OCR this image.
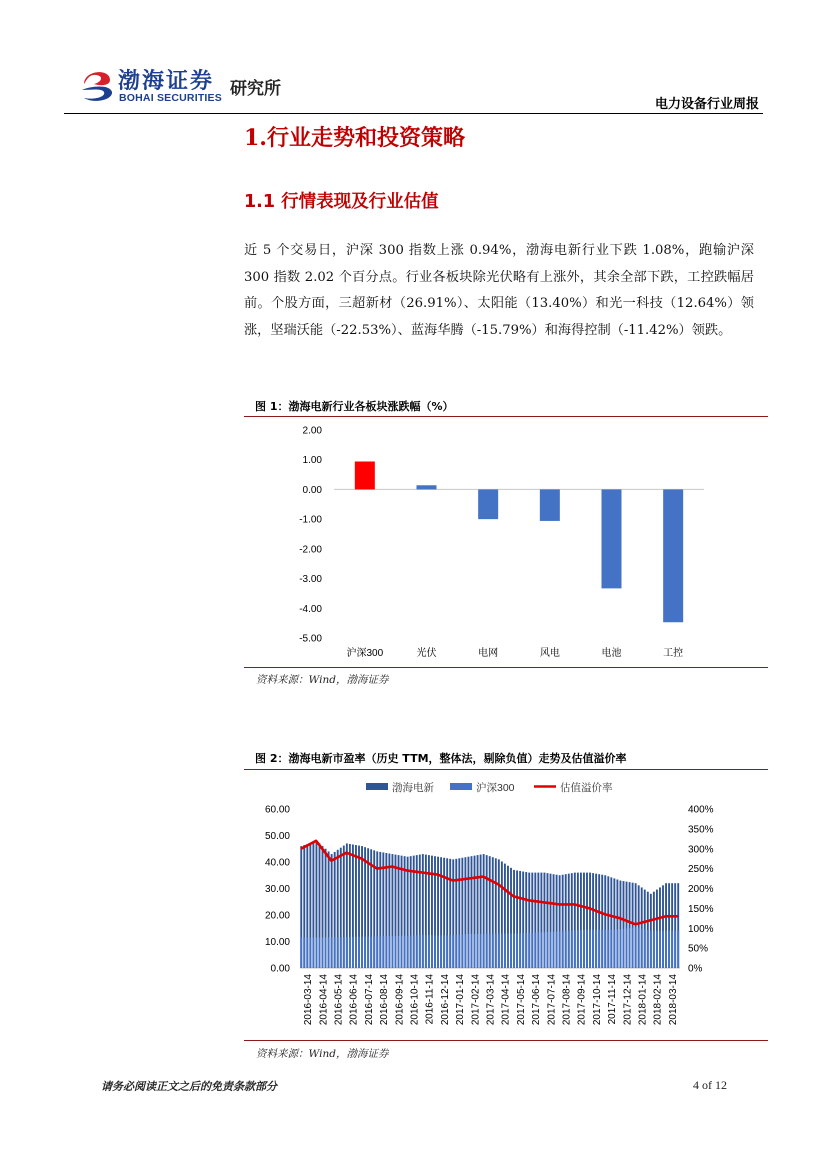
渤海证券
BOHAI SECURITIES 研究所
电力设备行业周报
1.行业走势和投资策略
1.1 行情表现及行业估值
近 5 个交易日，沪深 300 指数上涨 0.94%，渤海电新行业下跌 1.08%，跑输沪深 300 指数 2.02 个百分点。行业各板块除光伏略有上涨外，其余全部下跌，工控跌幅居前。个股方面，三超新材（26.91%）、太阳能（13.40%）和光一科技（12.64%）领涨，坚瑞沃能（-22.53%）、蓝海华腾（-15.79%）和海得控制（-11.42%）领跌。
图 1：渤海电新行业各板块涨跌幅（%）
2.00
1.00
0.00
-1.00
-2.00
-3.00
-4.00
-5.00
沪深300	光伏	电网	风电	电池	工控
资料来源：Wind，渤海证券
图 2：渤海电新市盈率（历史 TTM，整体法，剔除负值）走势及估值溢价率
渤海电新	沪深300	估值溢价率
60.00
50.00
40.00
30.00
20.00
10.00
0.00
400%
350%
300%
250%
200%
150%
100%
50%
0%
2016-03-14 2016-04-14 2016-05-14 2016-06-14 2016-07-14 2016-08-14 2016-09-14 2016-10-14 2016-11-14 2016-12-14 2017-01-14 2017-02-14 2017-03-14 2017-04-14 2017-05-14 2017-06-14 2017-07-14 2017-08-14 2017-09-14 2017-10-14 2017-11-14 2017-12-14 2018-01-14 2018-02-14 2018-03-14
资料来源：Wind，渤海证券
请务必阅读正文之后的免责条款部分	4 of 12
